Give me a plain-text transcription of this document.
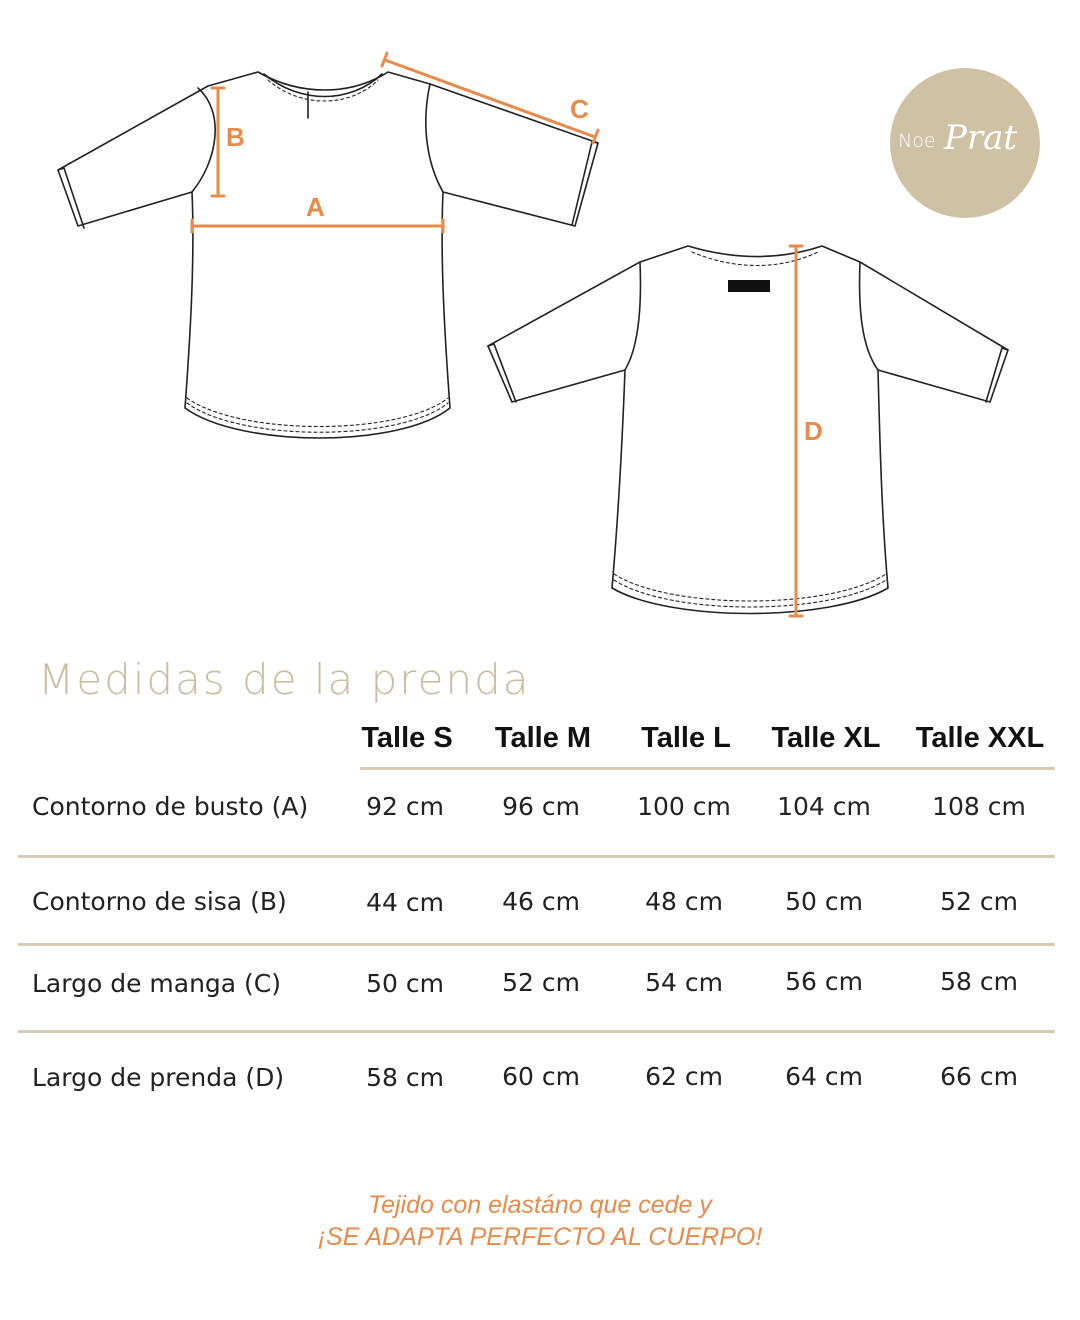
A
B
C
D
Noe Prat
Medidas de la prenda
Talle S Talle M Talle L Talle XL Talle XXL
Contorno de busto (A) 92 cm 96 cm 100 cm 104 cm 108 cm
Contorno de sisa (B)	44 cm 46 cm	48 cm 50 cm	52 cm
Largo de manga (C)	50 cm 52 cm	54 cm 56 cm	58 cm
Largo de prenda (D)	58 cm 60 cm	62 cm 64 cm	66 cm
Tejido con elastáno que cede y
¡SE ADAPTA PERFECTO AL CUERPO!
